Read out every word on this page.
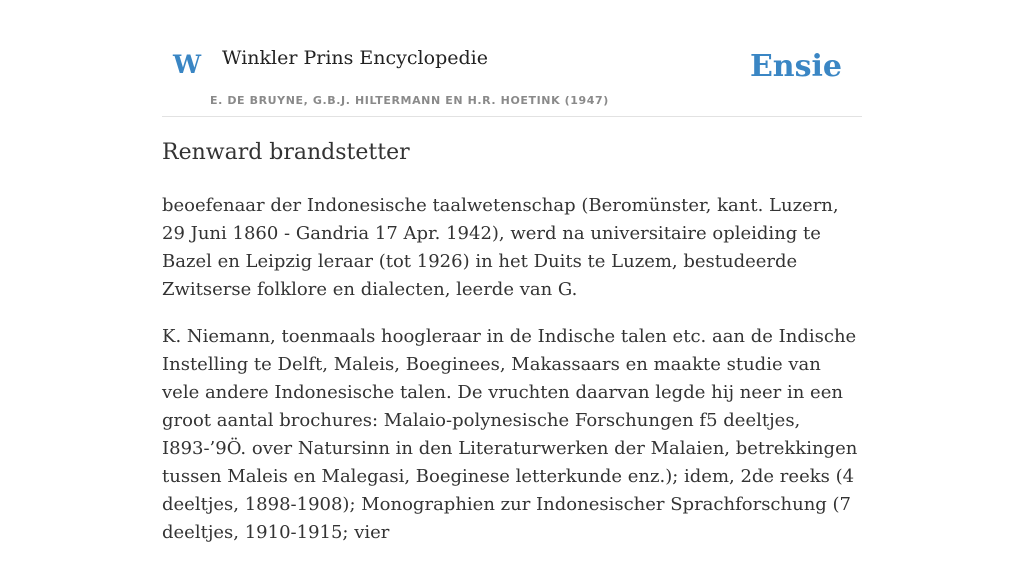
W Winkler Prins Encyclopedie
E. DE BRUYNE, G.B.J. HILTERMANN EN H.R. HOETINK (1947)
Ensie
Renward brandstetter

beoefenaar der Indonesische taalwetenschap (Beromünster, kant. Luzern, 29 Juni 1860 - Gandria 17 Apr. 1942), werd na universitaire opleiding te Bazel en Leipzig leraar (tot 1926) in het Duits te Luzem, bestudeerde Zwitserse folklore en dialecten, leerde van G.

K. Niemann, toenmaals hoogleraar in de Indische talen etc. aan de Indische Instelling te Delft, Maleis, Boeginees, Makassaars en maakte studie van vele andere Indonesische talen. De vruchten daarvan legde hij neer in een groot aantal brochures: Malaio-polynesische Forschungen f5 deeltjes, I893-’9Ö. over Natursinn in den Literaturwerken der Malaien, betrekkingen tussen Maleis en Malegasi, Boeginese letterkunde enz.); idem, 2de reeks (4 deeltjes, 1898-1908); Monographien zur Indonesischer Sprachforschung (7 deeltjes, 1910-1915; vier
